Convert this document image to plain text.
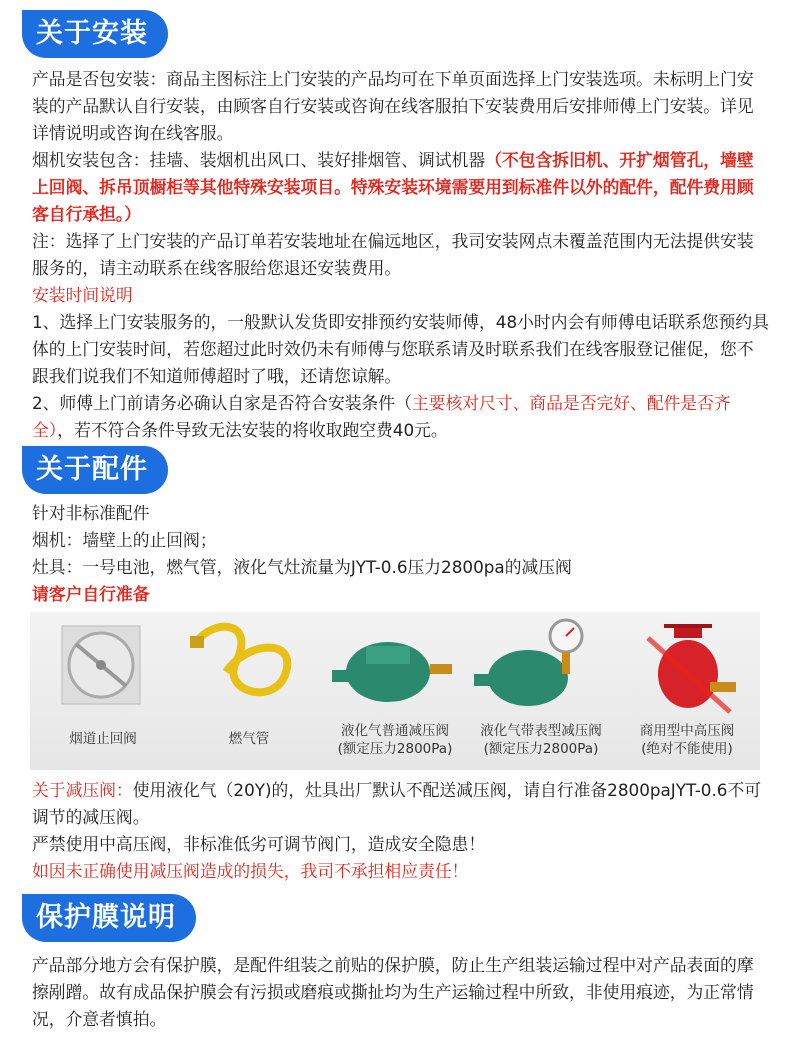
关于安装

产品是否包安装：商品主图标注上门安装的产品均可在下单页面选择上门安装选项。未标明上门安装的产品默认自行安装，由顾客自行安装或咨询在线客服拍下安装费用后安排师傅上门安装。详见详情说明或咨询在线客服。

烟机安装包含：挂墙、装烟机出风口、装好排烟管、调试机器（不包含拆旧机、开扩烟管孔，墙壁上回阀、拆吊顶橱柜等其他特殊安装项目。特殊安装环境需要用到标准件以外的配件，配件费用顾客自行承担。）

注：选择了上门安装的产品订单若安装地址在偏远地区，我司安装网点未覆盖范围内无法提供安装服务的，请主动联系在线客服给您退还安装费用。

安装时间说明

1、选择上门安装服务的，一般默认发货即安排预约安装师傅，48小时内会有师傅电话联系您预约具体的上门安装时间，若您超过此时效仍未有师傅与您联系请及时联系我们在线客服登记催促，您不跟我们说我们不知道师傅超时了哦，还请您谅解。

2、师傅上门前请务必确认自家是否符合安装条件（主要核对尺寸、商品是否完好、配件是否齐全），若不符合条件导致无法安装的将收取跑空费40元。

关于配件

针对非标准配件

烟机：墙壁上的止回阀；

灶具：一号电池，燃气管，液化气灶流量为JYT-0.6压力2800pa的减压阀

请客户自行准备

烟道止回阀	燃气管	液化气普通减压阀
(额定压力2800Pa)
液化气带表型减压阀
(额定压力2800Pa)
商用型中高压阀
(绝对不能使用)

关于减压阀：使用液化气（20Y)的，灶具出厂默认不配送减压阀，请自行准备2800paJYT-0.6不可调节的减压阀。

严禁使用中高压阀，非标准低劣可调节阀门，造成安全隐患！

如因未正确使用减压阀造成的损失，我司不承担相应责任！

保护膜说明

产品部分地方会有保护膜，是配件组装之前贴的保护膜，防止生产组装运输过程中对产品表面的摩擦剐蹭。故有成品保护膜会有污损或磨痕或撕扯均为生产运输过程中所致，非使用痕迹，为正常情况，介意者慎拍。
